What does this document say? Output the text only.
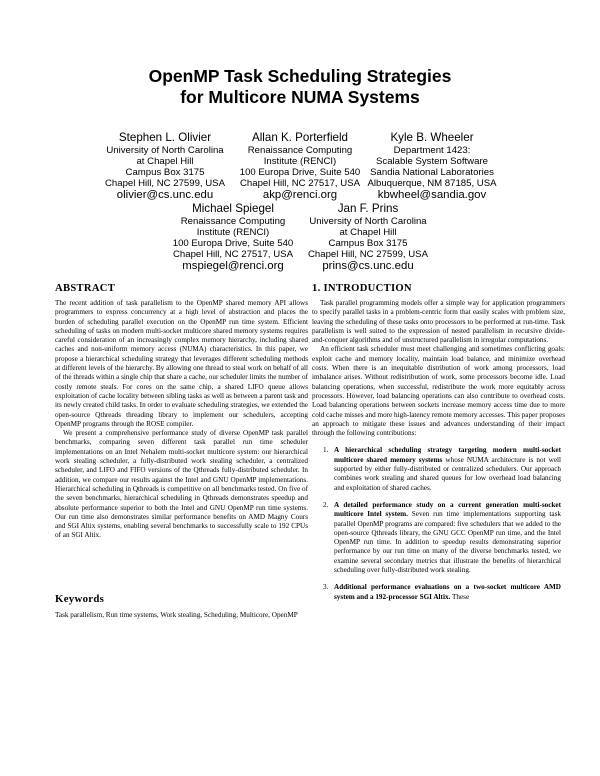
OpenMP Task Scheduling Strategies
for Multicore NUMA Systems
Stephen L. Olivier
University of North Carolina
at Chapel Hill
Campus Box 3175
Chapel Hill, NC 27599, USA
olivier@cs.unc.edu
Allan K. Porterfield
Renaissance Computing
Institute (RENCI)
100 Europa Drive, Suite 540
Chapel Hill, NC 27517, USA
akp@renci.org
Kyle B. Wheeler
Department 1423:
Scalable System Software
Sandia National Laboratories
Albuquerque, NM 87185, USA
kbwheel@sandia.gov
Michael Spiegel
Renaissance Computing
Institute (RENCI)
100 Europa Drive, Suite 540
Chapel Hill, NC 27517, USA
mspiegel@renci.org
Jan F. Prins
University of North Carolina
at Chapel Hill
Campus Box 3175
Chapel Hill, NC 27599, USA
prins@cs.unc.edu
ABSTRACT

The recent addition of task parallelism to the OpenMP shared memory API allows programmers to express concurrency at a high level of abstraction and places the burden of scheduling parallel execution on the OpenMP run time system. Efficient scheduling of tasks on modern multi-socket multicore shared memory systems requires careful consideration of an increasingly complex memory hierarchy, including shared caches and non-uniform memory access (NUMA) characteristics. In this paper, we propose a hierarchical scheduling strategy that leverages different scheduling methods at different levels of the hierarchy. By allowing one thread to steal work on behalf of all of the threads within a single chip that share a cache, our scheduler limits the number of costly remote steals. For cores on the same chip, a shared LIFO queue allows exploitation of cache locality between sibling tasks as well as between a parent task and its newly created child tasks. In order to evaluate scheduling strategies, we extended the open-source Qthreads threading library to implement our schedulers, accepting OpenMP programs through the ROSE compiler.

We present a comprehensive performance study of diverse OpenMP task parallel benchmarks, comparing seven different task parallel run time scheduler implementations on an Intel Nehalem multi-socket multicore system: our hierarchical work stealing scheduler, a fully-distributed work stealing scheduler, a centralized scheduler, and LIFO and FIFO versions of the Qthreads fully-distributed scheduler. In addition, we compare our results against the Intel and GNU OpenMP implementations. Hierarchical scheduling in Qthreads is competitive on all benchmarks tested. On five of the seven benchmarks, hierarchical scheduling in Qthreads demonstrates speedup and absolute performance superior to both the Intel and GNU OpenMP run time systems. Our run time also demonstrates similar performance benefits on AMD Magny Cours and SGI Altix systems, enabling several benchmarks to successfully scale to 192 CPUs of an SGI Altix.

Keywords

Task parallelism, Run time systems, Work stealing, Scheduling, Multicore, OpenMP

1. INTRODUCTION

Task parallel programming models offer a simple way for application programmers to specify parallel tasks in a problem-centric form that easily scales with problem size, leaving the scheduling of these tasks onto processors to be performed at run-time. Task parallelism is well suited to the expression of nested parallelism in recursive divide-and-conquer algorithms and of unstructured parallelism in irregular computations.

An efficient task scheduler must meet challenging and sometimes conflicting goals: exploit cache and memory locality, maintain load balance, and minimize overhead costs. When there is an inequitable distribution of work among processors, load imbalance arises. Without redistribution of work, some processors become idle. Load balancing operations, when successful, redistribute the work more equitably across processors. However, load balancing operations can also contribute to overhead costs. Load balancing operations between sockets increase memory access time due to more cold cache misses and more high-latency remote memory accesses. This paper proposes an approach to mitigate these issues and advances understanding of their impact through the following contributions:

1. A hierarchical scheduling strategy targeting modern multi-socket multicore shared memory systems whose NUMA architecture is not well supported by either fully-distributed or centralized schedulers. Our approach combines work stealing and shared queues for low overhead load balancing and exploitation of shared caches.
2. A detailed performance study on a current generation multi-socket multicore Intel system. Seven run time implementations supporting task parallel OpenMP programs are compared: five schedulers that we added to the open-source Qthreads library, the GNU GCC OpenMP run time, and the Intel OpenMP run time. In addition to speedup results demonstrating superior performance by our run time on many of the diverse benchmarks tested, we examine several secondary metrics that illustrate the benefits of hierarchical scheduling over fully-distributed work stealing.
3. Additional performance evaluations on a two-socket multicore AMD system and a 192-processor SGI Altix. These
